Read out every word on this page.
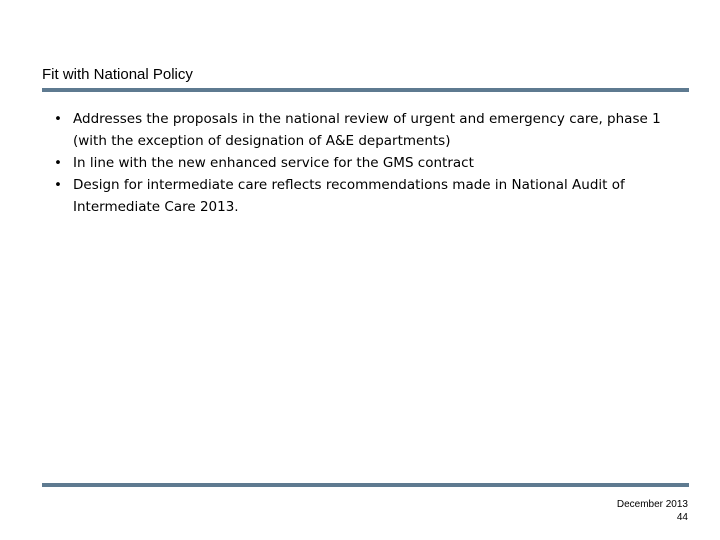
Fit with National Policy
• Addresses the proposals in the national review of urgent and emergency care, phase 1 (with the exception of designation of A&E departments)
• In line with the new enhanced service for the GMS contract
• Design for intermediate care reflects recommendations made in National Audit of Intermediate Care 2013.
December 2013
44
